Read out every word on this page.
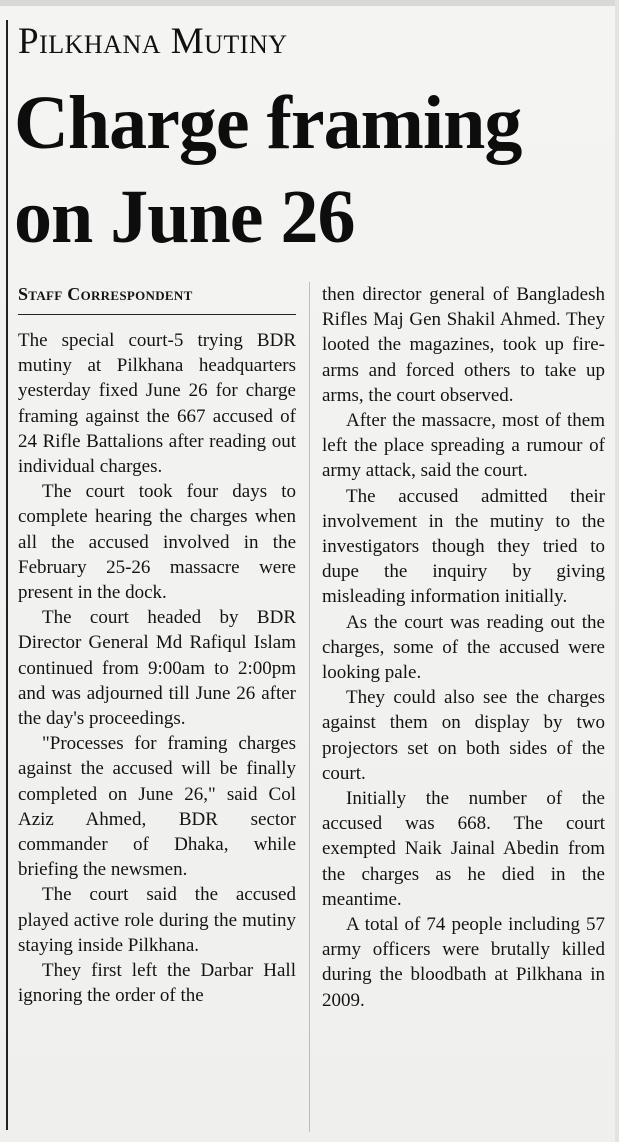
Pilkhana Mutiny
Charge framing
on June 26
Staff Correspondent

The special court-5 trying BDR mutiny at Pilkhana headquarters yesterday fixed June 26 for charge framing against the 667 accused of 24 Rifle Battalions after reading out individual charges.

The court took four days to complete hearing the charges when all the accused involved in the February 25-26 massacre were present in the dock.

The court headed by BDR Director General Md Rafiqul Islam continued from 9:00am to 2:00pm and was adjourned till June 26 after the day's proceedings.

"Processes for framing charges against the accused will be finally completed on June 26," said Col Aziz Ahmed, BDR sector commander of Dhaka, while briefing the newsmen.

The court said the accused played active role during the mutiny staying inside Pilkhana.

They first left the Darbar Hall ignoring the order of the

then director general of Bangladesh Rifles Maj Gen Shakil Ahmed. They looted the magazines, took up fire-arms and forced others to take up arms, the court observed.

After the massacre, most of them left the place spreading a rumour of army attack, said the court.

The accused admitted their involvement in the mutiny to the investigators though they tried to dupe the inquiry by giving misleading information initially.

As the court was reading out the charges, some of the accused were looking pale.

They could also see the charges against them on display by two projectors set on both sides of the court.

Initially the number of the accused was 668. The court exempted Naik Jainal Abedin from the charges as he died in the meantime.

A total of 74 people including 57 army officers were brutally killed during the bloodbath at Pilkhana in 2009.
